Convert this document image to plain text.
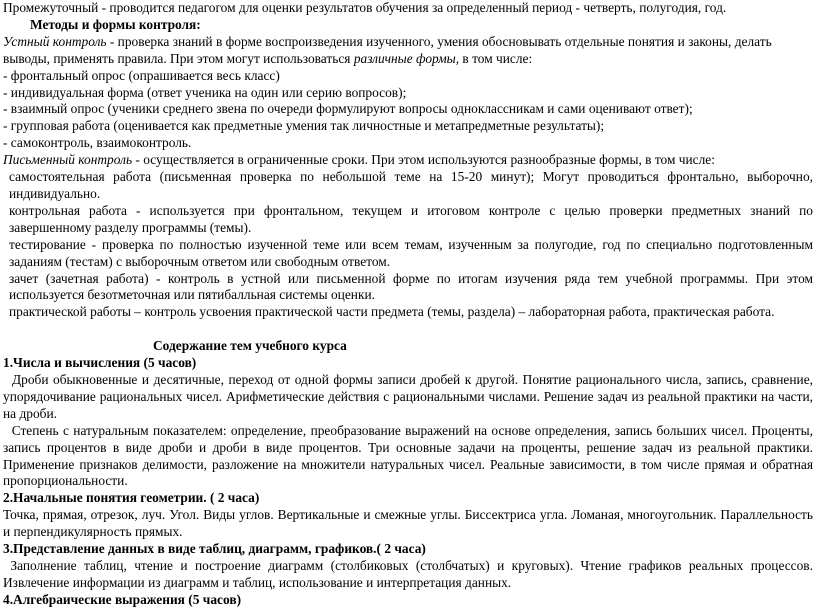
Промежуточный - проводится педагогом для оценки результатов обучения за определенный период - четверть, полугодия, год.
Методы и формы контроля:
Устный контроль - проверка знаний в форме воспроизведения изученного, умения обосновывать отдельные понятия и законы, делать выводы, применять правила. При этом могут использоваться различные формы, в том числе:
- фронтальный опрос (опрашивается весь класс)
- индивидуальная форма (ответ ученика на один или серию вопросов);
- взаимный опрос (ученики среднего звена по очереди формулируют вопросы одноклассникам и сами оценивают ответ);
- групповая работа (оценивается как предметные умения так личностные и метапредметные результаты);
- самоконтроль, взаимоконтроль.
Письменный контроль - осуществляется в ограниченные сроки. При этом используются разнообразные формы, в том числе:
самостоятельная работа (письменная проверка по небольшой теме на 15-20 минут); Могут проводиться фронтально, выборочно, индивидуально.
контрольная работа - используется при фронтальном, текущем и итоговом контроле с целью проверки предметных знаний по завершенному разделу программы (темы).
тестирование - проверка по полностью изученной теме или всем темам, изученным за полугодие, год по специально подготовленным заданиям (тестам) с выборочным ответом или свободным ответом.
зачет (зачетная работа) - контроль в устной или письменной форме по итогам изучения ряда тем учебной программы. При этом используется безотметочная или пятибалльная системы оценки.
практической работы – контроль усвоения практической части предмета (темы, раздела) – лабораторная работа, практическая работа.
Содержание тем учебного курса
1.Числа и вычисления (5 часов)
Дроби обыкновенные и десятичные, переход от одной формы записи дробей к другой. Понятие рационального числа, запись, сравнение, упорядочивание рациональных чисел. Арифметические действия с рациональными числами. Решение задач из реальной практики на части, на дроби.
Степень с натуральным показателем: определение, преобразование выражений на основе определения, запись больших чисел. Проценты, запись процентов в виде дроби и дроби в виде процентов. Три основные задачи на проценты, решение задач из реальной практики. Применение признаков делимости, разложение на множители натуральных чисел. Реальные зависимости, в том числе прямая и обратная пропорциональности.
2.Начальные понятия геометрии. ( 2 часа)
Точка, прямая, отрезок, луч. Угол. Виды углов. Вертикальные и смежные углы. Биссектриса угла. Ломаная, многоугольник. Параллельность и перпендикулярность прямых.
3.Представление данных в виде таблиц, диаграмм, графиков.( 2 часа)
Заполнение таблиц, чтение и построение диаграмм (столбиковых (столбчатых) и круговых). Чтение графиков реальных процессов. Извлечение информации из диаграмм и таблиц, использование и интерпретация данных.
4.Алгебраические выражения (5 часов)
